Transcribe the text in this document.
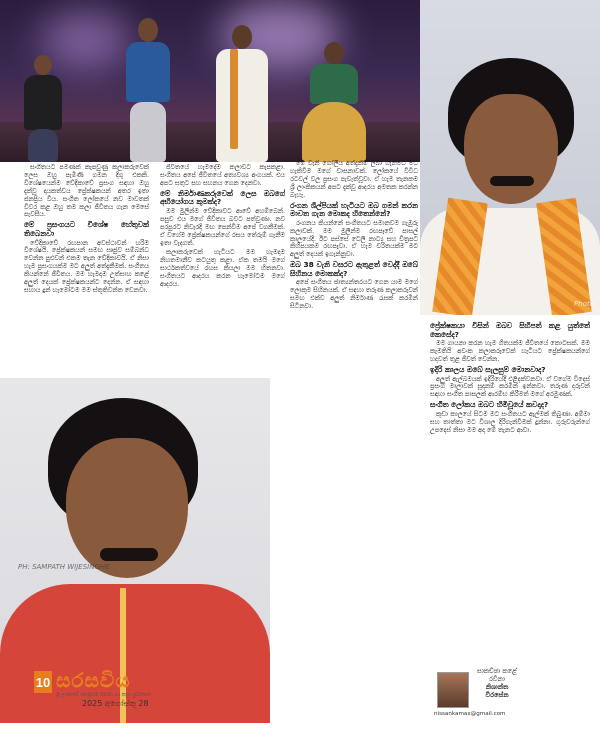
Photo
PH: SAMPATH WIJESINGHE

සංගීතයට පමණක් කැපවුණු කලාකරුවෙක් ලෙස ඔහු පැමිණි ගමන දිගු එකකි. විශේෂයෙන්ම වේදිකාවේ ප්‍රසංග සඳහා ඔහු දැක්වූ දායකත්වය ප්‍රේක්ෂකයන් අතර ඉතා ජනප්‍රිය විය. සංගීත ලෝකයේ නව මාවතක් විවර කළ ඔහු තම කලා ජීවිතය ගැන මෙසේ පැවසීය.

මේ ප්‍රසංගයට විශේෂ හේතුවක් තිබෙනවා

වේදිකාවේ රඟපාන අවස්ථාවන් හරිම විශේෂයි. ප්‍රේක්ෂකයන් සමඟ සෘජුව සම්බන්ධ වෙන්න පුළුවන් එකම තැන වේදිකාවයි. ඒ නිසා හැම ප්‍රසංගයක්ම මට අලුත් අත්දැකීමක්. සංගීතය කියන්නේ ජීවිතය. මම හැමදාම උත්සාහ කළේ අලුත් දෙයක් ප්‍රේක්ෂකයන්ට දෙන්න. ඒ සඳහා සහාය දුන් හැමෝටම මම ස්තූතිවන්ත වෙනවා.

ජීවිතයේ හැමදේම කලාවට කැපකළා. සංගීතය අපේ ජීවිතයේ අත්‍යවශ්‍ය අංගයක්. එය අපට සතුට සහ සහනය ගෙන දෙනවා.

මේ නිර්මාණකරුවෙක් ලෙස ඔබගේ අභියෝගය කුමක්ද?

මම මුලින්ම වේදිකාවට ආවේ අහම්බෙන්. පසුව එය මගේ ජීවිතය බවට පත්වුණා. නව පරපුරට නිවැරදි මඟ පෙන්වීම අපේ වගකීමක්. ඒ වගේම ප්‍රේක්ෂකයන්ගේ රසය තේරුම් ගැනීම ඉතා වැදගත්.

කලාකරුවෙක් හැටියට මම හැමදාම නිහතමානීව කටයුතු කළා. ඒක තමයි මගේ සාර්ථකත්වයේ රහස කියලා මම හිතනවා. සංගීතයට ආදරය කරන හැමෝටම මගේ ආදරය.

මේ වැනි ගෝලීය අත්දැකීම් ලබා ගැනීමට මට හැකිවීම මගේ වාසනාවක්. ලෝකයේ විවිධ රටවල් වල ප්‍රසංග පැවැත්වූවා. ඒ හැම තැනකම ශ්‍රී ලාංකිකයන් අපට දැක්වූ ආදරය අමතක කරන්න බැහැ.

රංගන ශිල්පියක් හැටියට ඔබ ගමන් කරන මාවත ගැන මොකද හිතෙන්නේ?

රංගනය කියන්නේ සංගීතයට සමානවම ගැඹුරු කලාවක්. මම මුලින්ම රඟපෑවේ පාසල් කාලයේදී. ඊට පස්සේ ටෙලි නාට්‍ය සහ චිත්‍රපට කිහිපයකම රඟපෑවා. ඒ හැම චරිතයක්ම මට අලුත් දෙයක් ඉගැන්නුවා.

ඔබ 38 වැනි වසරට ඇතුළත් වෙද්දී ඔබේ සිහිනය මොකක්ද?

අපේ සංගීතය ජාත්‍යන්තරයට ගෙන යාම මගේ ලොකුම සිහිනයක්. ඒ සඳහා තරුණ කලාකරුවන් සමඟ එක්ව අලුත් නිර්මාණ රැසක් කරමින් සිටිනවා.

ප්‍රේක්ෂකයා විසින් ඔබව සිහිපත් කළ යුත්තේ කෙසේද?

මම ගායනා කරන හැම ගීතයක්ම ජීවිතයේ කොටසක්. මම කැමතියි අවංක කලාකරුවෙක් හැටියට ප්‍රේක්ෂකයන්ගේ හදවත් තුළ ජීවත් වෙන්න.

ඉදිරි කාලය ඔබේ සැලසුම් මොනවාද?

අලුත් ඇල්බමයක් ඉදිරියේදී එළිදක්වනවා. ඒ වගේම විදෙස් ප්‍රසංග මාලාවක් සූදානම් කරමින් ඉන්නවා. තරුණ දරුවන් සඳහා සංගීත පාසලක් ආරම්භ කිරීමත් මගේ අරමුණක්.

සංගීත ලෝකය ඔබට හිමිවූයේ කවදාද?

කුඩා කාලයේ සිටම මට සංගීතයට ඇල්මක් තිබුණා. අම්මා සහ තාත්තා මට විශාල දිරිගැන්වීමක් දුන්නා. ගුරුවරුන්ගේ උපදෙස් නිසා මම අද මේ තැනට ආවා.

10 සරසවිය
ශ්‍රී ලංකාවේ ජනප්‍රියම සිනමා හා කලා පුවත්පත
2025 අගෝස්තු 28
සාකච්ඡා කළේ
රවිනා
නිශාන්ත
වීරසේන
nissankamax@gmail.com
